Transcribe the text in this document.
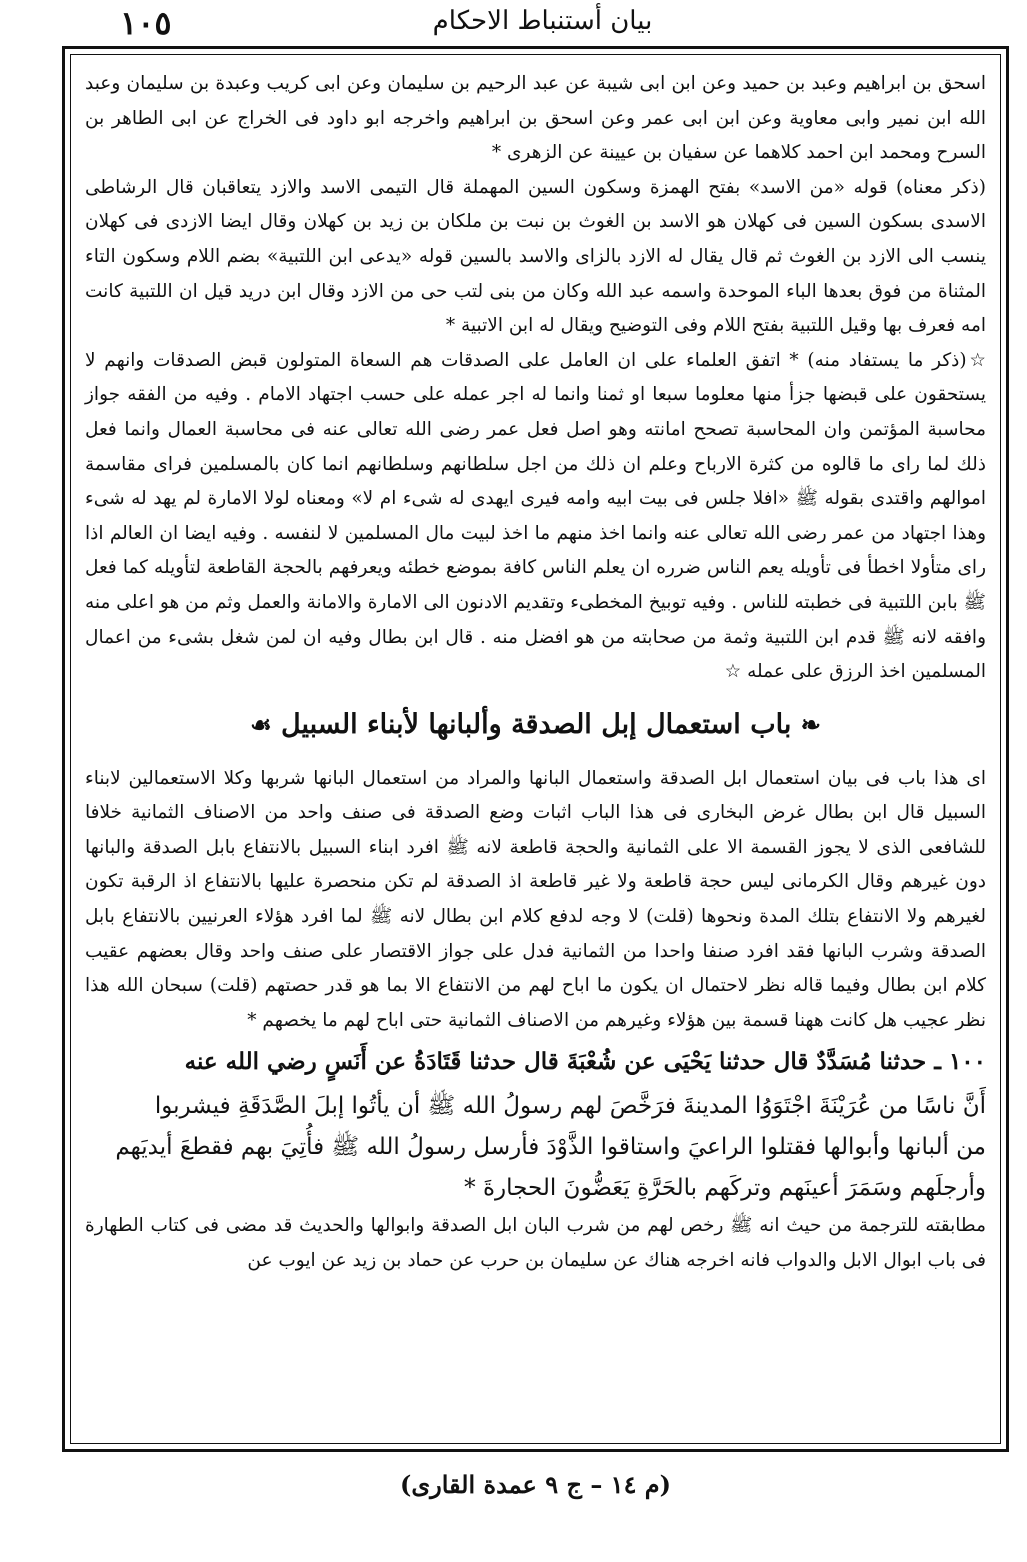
١٠٥	بيان أستنباط الاحكام

اسحق بن ابراهيم وعبد بن حميد وعن ابن ابى شيبة عن عبد الرحيم بن سليمان وعن ابى كريب وعبدة بن سليمان وعبد الله ابن نمير وابى معاوية وعن ابن ابى عمر وعن اسحق بن ابراهيم واخرجه ابو داود فى الخراج عن ابى الطاهر بن السرح ومحمد ابن احمد كلاهما عن سفيان بن عيينة عن الزهرى *

(ذكر معناه) قوله «من الاسد» بفتح الهمزة وسكون السين المهملة قال التيمى الاسد والازد يتعاقبان قال الرشاطى الاسدى بسكون السين فى كهلان هو الاسد بن الغوث بن نبت بن ملكان بن زيد بن كهلان وقال ايضا الازدى فى كهلان ينسب الى الازد بن الغوث ثم قال يقال له الازد بالزاى والاسد بالسين قوله «يدعى ابن اللتبية» بضم اللام وسكون التاء المثناة من فوق بعدها الباء الموحدة واسمه عبد الله وكان من بنى لتب حى من الازد وقال ابن دريد قيل ان اللتبية كانت امه فعرف بها وقيل اللتبية بفتح اللام وفى التوضيح ويقال له ابن الاتبية *

☆(ذكر ما يستفاد منه) * اتفق العلماء على ان العامل على الصدقات هم السعاة المتولون قبض الصدقات وانهم لا يستحقون على قبضها جزأ منها معلوما سبعا او ثمنا وانما له اجر عمله على حسب اجتهاد الامام . وفيه من الفقه جواز محاسبة المؤتمن وان المحاسبة تصحح امانته وهو اصل فعل عمر رضى الله تعالى عنه فى محاسبة العمال وانما فعل ذلك لما راى ما قالوه من كثرة الارباح وعلم ان ذلك من اجل سلطانهم وسلطانهم انما كان بالمسلمين فراى مقاسمة اموالهم واقتدى بقوله ﷺ «افلا جلس فى بيت ابيه وامه فيرى ايهدى له شىء ام لا» ومعناه لولا الامارة لم يهد له شىء وهذا اجتهاد من عمر رضى الله تعالى عنه وانما اخذ منهم ما اخذ لبيت مال المسلمين لا لنفسه . وفيه ايضا ان العالم اذا راى متأولا اخطأ فى تأويله يعم الناس ضرره ان يعلم الناس كافة بموضع خطئه ويعرفهم بالحجة القاطعة لتأويله كما فعل ﷺ بابن اللتبية فى خطبته للناس . وفيه توبيخ المخطىء وتقديم الادنون الى الامارة والامانة والعمل وثم من هو اعلى منه وافقه لانه ﷺ قدم ابن اللتبية وثمة من صحابته من هو افضل منه . قال ابن بطال وفيه ان لمن شغل بشىء من اعمال المسلمين اخذ الرزق على عمله ☆

❧ باب استعمال إبل الصدقة وألبانها لأبناء السبيل ☙

اى هذا باب فى بيان استعمال ابل الصدقة واستعمال البانها والمراد من استعمال البانها شربها وكلا الاستعمالين لابناء السبيل قال ابن بطال غرض البخارى فى هذا الباب اثبات وضع الصدقة فى صنف واحد من الاصناف الثمانية خلافا للشافعى الذى لا يجوز القسمة الا على الثمانية والحجة قاطعة لانه ﷺ افرد ابناء السبيل بالانتفاع بابل الصدقة والبانها دون غيرهم وقال الكرمانى ليس حجة قاطعة ولا غير قاطعة اذ الصدقة لم تكن منحصرة عليها بالانتفاع اذ الرقبة تكون لغيرهم ولا الانتفاع بتلك المدة ونحوها (قلت) لا وجه لدفع كلام ابن بطال لانه ﷺ لما افرد هؤلاء العرنيين بالانتفاع بابل الصدقة وشرب البانها فقد افرد صنفا واحدا من الثمانية فدل على جواز الاقتصار على صنف واحد وقال بعضهم عقيب كلام ابن بطال وفيما قاله نظر لاحتمال ان يكون ما اباح لهم من الانتفاع الا بما هو قدر حصتهم (قلت) سبحان الله هذا نظر عجيب هل كانت ههنا قسمة بين هؤلاء وغيرهم من الاصناف الثمانية حتى اباح لهم ما يخصهم *

١٠٠ ـ حدثنا مُسَدَّدٌ قال حدثنا يَحْيَى عن شُعْبَةَ قال حدثنا قَتَادَةُ عن أَنَسٍ رضي الله عنه

أَنَّ ناسًا من عُرَيْنَةَ اجْتَوَوُا المدينةَ فرَخَّصَ لهم رسولُ الله ﷺ أن يأتُوا إبلَ الصَّدَقَةِ فيشربوا

من ألبانها وأبوالها فقتلوا الراعيَ واستاقوا الذَّوْدَ فأرسل رسولُ الله ﷺ فأُتِيَ بهم فقطعَ أيديَهم

وأرجلَهم وسَمَرَ أعينَهم وتركَهم بالحَرَّةِ يَعَضُّونَ الحجارةَ *

مطابقته للترجمة من حيث انه ﷺ رخص لهم من شرب البان ابل الصدقة وابوالها والحديث قد مضى فى كتاب الطهارة فى باب ابوال الابل والدواب فانه اخرجه هناك عن سليمان بن حرب عن حماد بن زيد عن ايوب عن

(م ١٤ – ج ٩ عمدة القارى)
